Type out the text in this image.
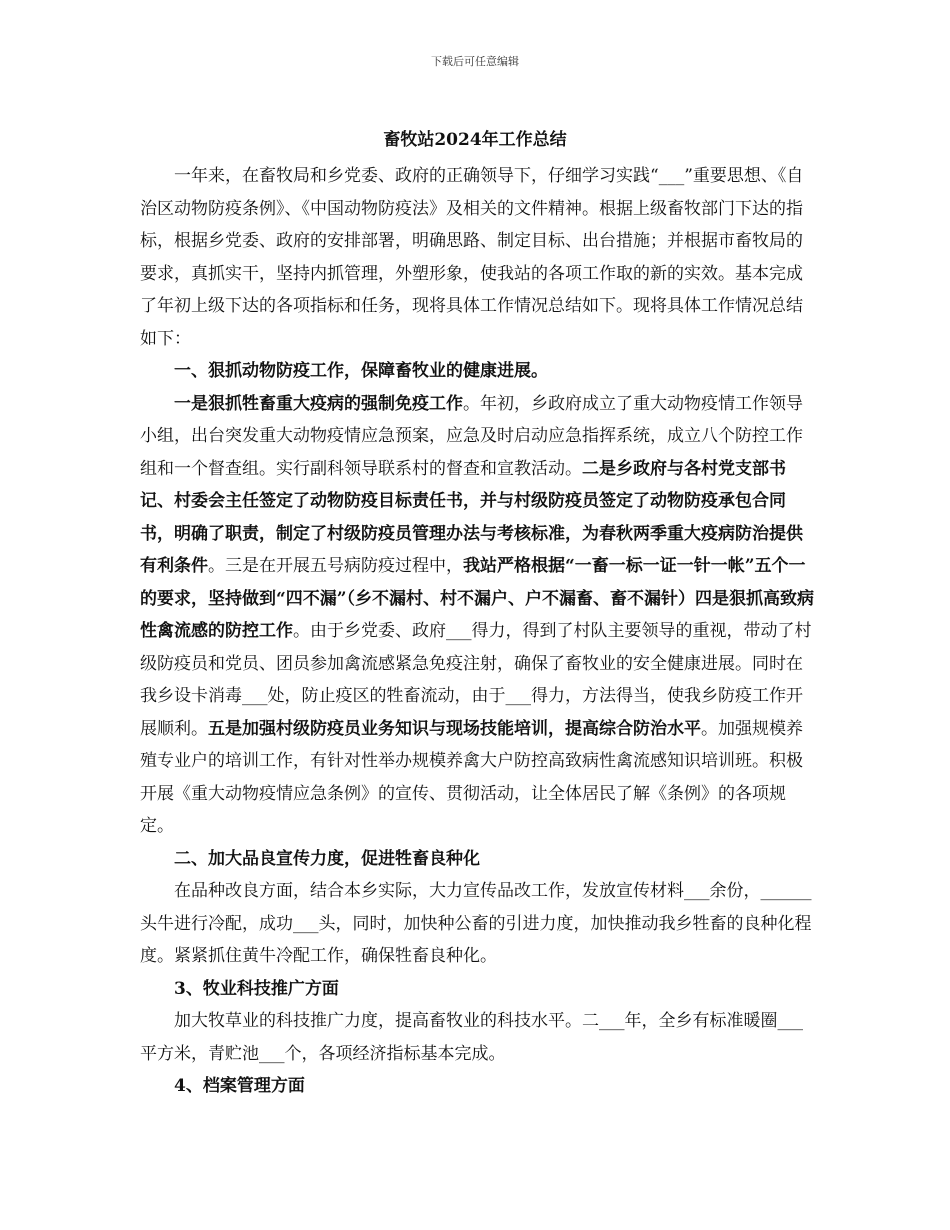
下载后可任意编辑
畜牧站2024年工作总结

一年来，在畜牧局和乡党委、政府的正确领导下，仔细学习实践“___”重要思想、《自治区动物防疫条例》、《中国动物防疫法》及相关的文件精神。根据上级畜牧部门下达的指标，根据乡党委、政府的安排部署，明确思路、制定目标、出台措施；并根据市畜牧局的要求，真抓实干，坚持内抓管理，外塑形象，使我站的各项工作取的新的实效。基本完成了年初上级下达的各项指标和任务，现将具体工作情况总结如下。现将具体工作情况总结如下：

一、狠抓动物防疫工作，保障畜牧业的健康进展。

一是狠抓牲畜重大疫病的强制免疫工作。年初，乡政府成立了重大动物疫情工作领导小组，出台突发重大动物疫情应急预案，应急及时启动应急指挥系统，成立八个防控工作组和一个督查组。实行副科领导联系村的督查和宣教活动。二是乡政府与各村党支部书记、村委会主任签定了动物防疫目标责任书，并与村级防疫员签定了动物防疫承包合同书，明确了职责，制定了村级防疫员管理办法与考核标准，为春秋两季重大疫病防治提供有利条件。三是在开展五号病防疫过程中，我站严格根据“一畜一标一证一针一帐”五个一的要求，坚持做到“四不漏”（乡不漏村、村不漏户、户不漏畜、畜不漏针）四是狠抓高致病性禽流感的防控工作。由于乡党委、政府___得力，得到了村队主要领导的重视，带动了村级防疫员和党员、团员参加禽流感紧急免疫注射，确保了畜牧业的安全健康进展。同时在我乡设卡消毒___处，防止疫区的牲畜流动，由于___得力，方法得当，使我乡防疫工作开展顺利。五是加强村级防疫员业务知识与现场技能培训，提高综合防治水平。加强规模养殖专业户的培训工作，有针对性举办规模养禽大户防控高致病性禽流感知识培训班。积极开展《重大动物疫情应急条例》的宣传、贯彻活动，让全体居民了解《条例》的各项规定。

二、加大品良宣传力度，促进牲畜良种化

在品种改良方面，结合本乡实际，大力宣传品改工作，发放宣传材料___余份，______头牛进行冷配，成功___头，同时，加快种公畜的引进力度，加快推动我乡牲畜的良种化程度。紧紧抓住黄牛冷配工作，确保牲畜良种化。

3、牧业科技推广方面

加大牧草业的科技推广力度，提高畜牧业的科技水平。二___年，全乡有标准暖圈___平方米，青贮池___个，各项经济指标基本完成。

4、档案管理方面
